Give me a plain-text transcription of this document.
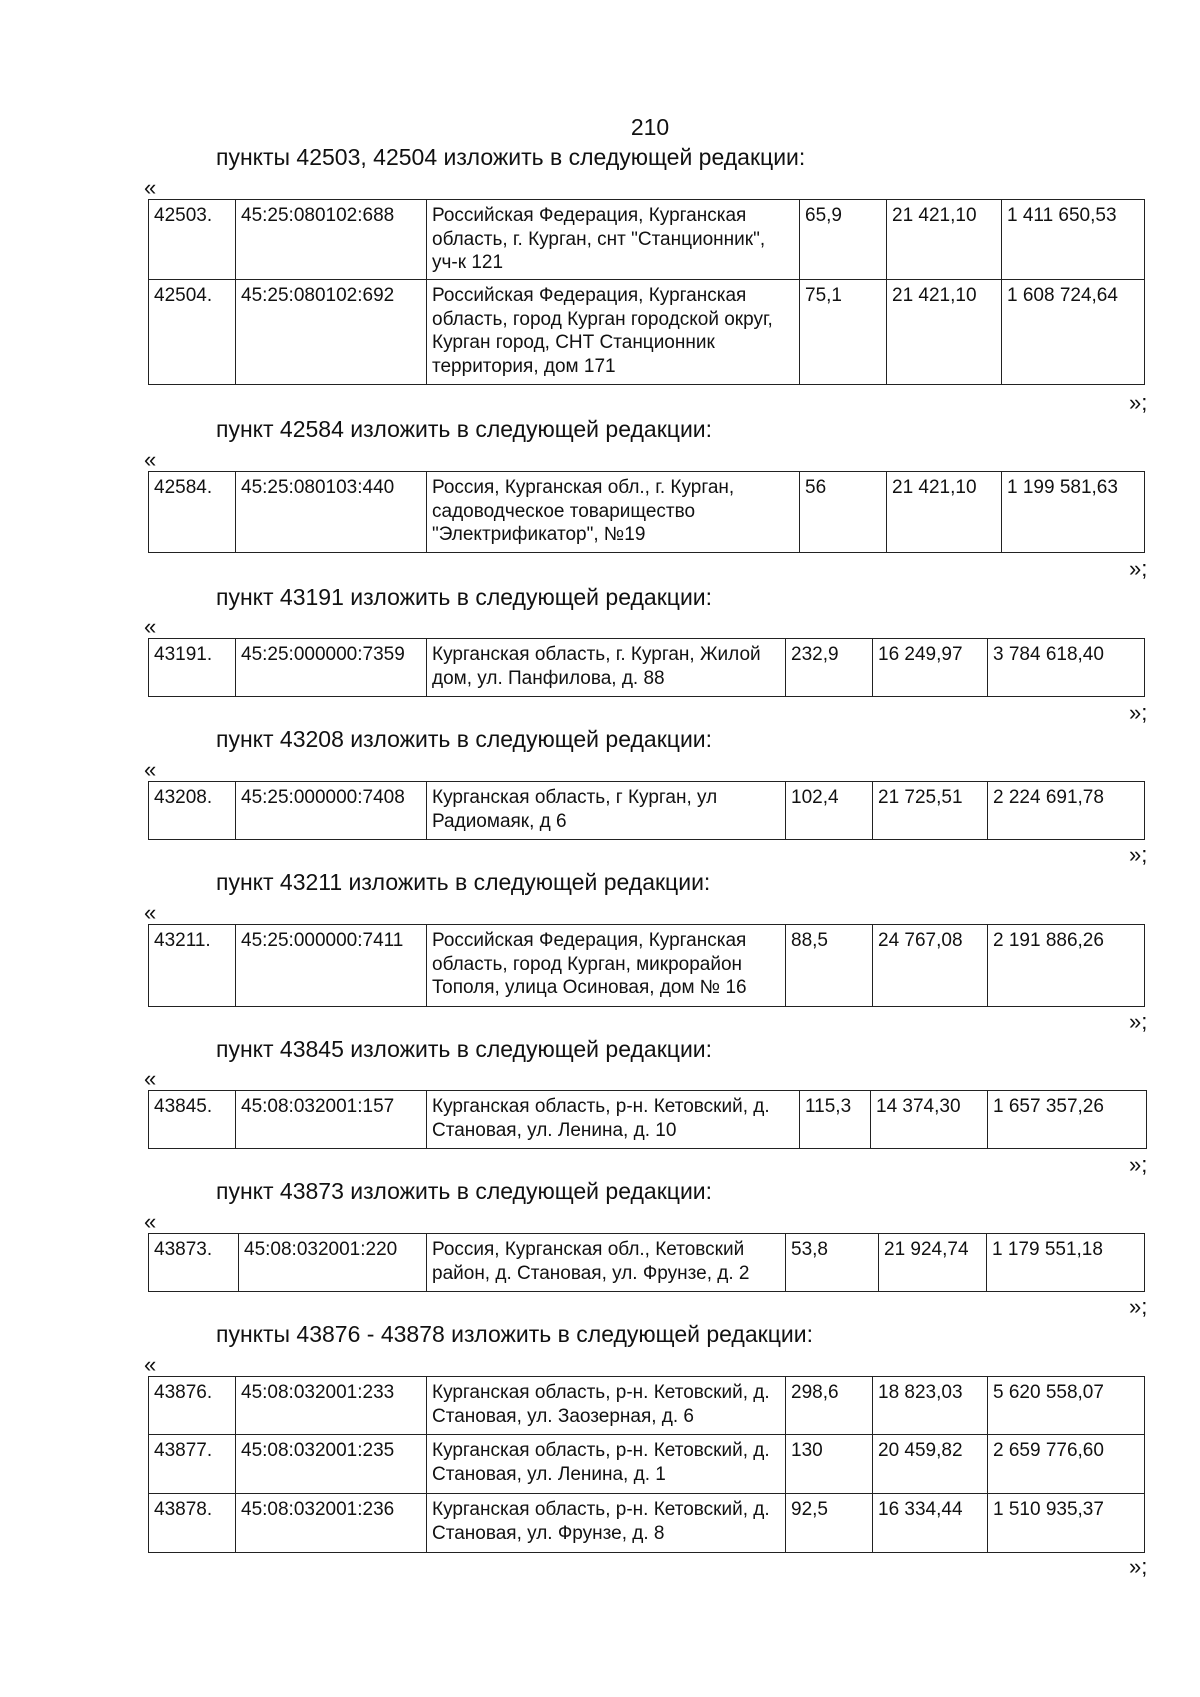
210
пункты 42503, 42504 изложить в следующей редакции:
«
42503.	45:25:080102:688	Российская Федерация, Курганская область, г. Курган, снт "Станционник", уч-к 121	65,9	21 421,10	1 411 650,53
42504.	45:25:080102:692	Российская Федерация, Курганская область, город Курган городской округ, Курган город, СНТ Станционник территория, дом 171	75,1	21 421,10	1 608 724,64
»;
пункт 42584 изложить в следующей редакции:
«
42584.	45:25:080103:440	Россия, Курганская обл., г. Курган, садоводческое товарищество "Электрификатор", №19	56	21 421,10	1 199 581,63
»;
пункт 43191 изложить в следующей редакции:
«
43191.	45:25:000000:7359	Курганская область, г. Курган, Жилой дом, ул. Панфилова, д. 88	232,9	16 249,97	3 784 618,40
»;
пункт 43208 изложить в следующей редакции:
«
43208.	45:25:000000:7408	Курганская область, г Курган, ул Радиомаяк, д 6	102,4	21 725,51	2 224 691,78
»;
пункт 43211 изложить в следующей редакции:
«
43211.	45:25:000000:7411	Российская Федерация, Курганская область, город Курган, микрорайон Тополя, улица Осиновая, дом № 16	88,5	24 767,08	2 191 886,26
»;
пункт 43845 изложить в следующей редакции:
«
43845.	45:08:032001:157	Курганская область, р-н. Кетовский, д. Становая, ул. Ленина, д. 10	115,3	14 374,30	1 657 357,26
»;
пункт 43873 изложить в следующей редакции:
«
43873.	45:08:032001:220	Россия, Курганская обл., Кетовский район, д. Становая, ул. Фрунзе, д. 2	53,8	21 924,74	1 179 551,18
»;
пункты 43876 - 43878 изложить в следующей редакции:
«
43876.	45:08:032001:233	Курганская область, р-н. Кетовский, д. Становая, ул. Заозерная, д. 6	298,6	18 823,03	5 620 558,07
43877.	45:08:032001:235	Курганская область, р-н. Кетовский, д. Становая, ул. Ленина, д. 1	130	20 459,82	2 659 776,60
43878.	45:08:032001:236	Курганская область, р-н. Кетовский, д. Становая, ул. Фрунзе, д. 8	92,5	16 334,44	1 510 935,37
»;
